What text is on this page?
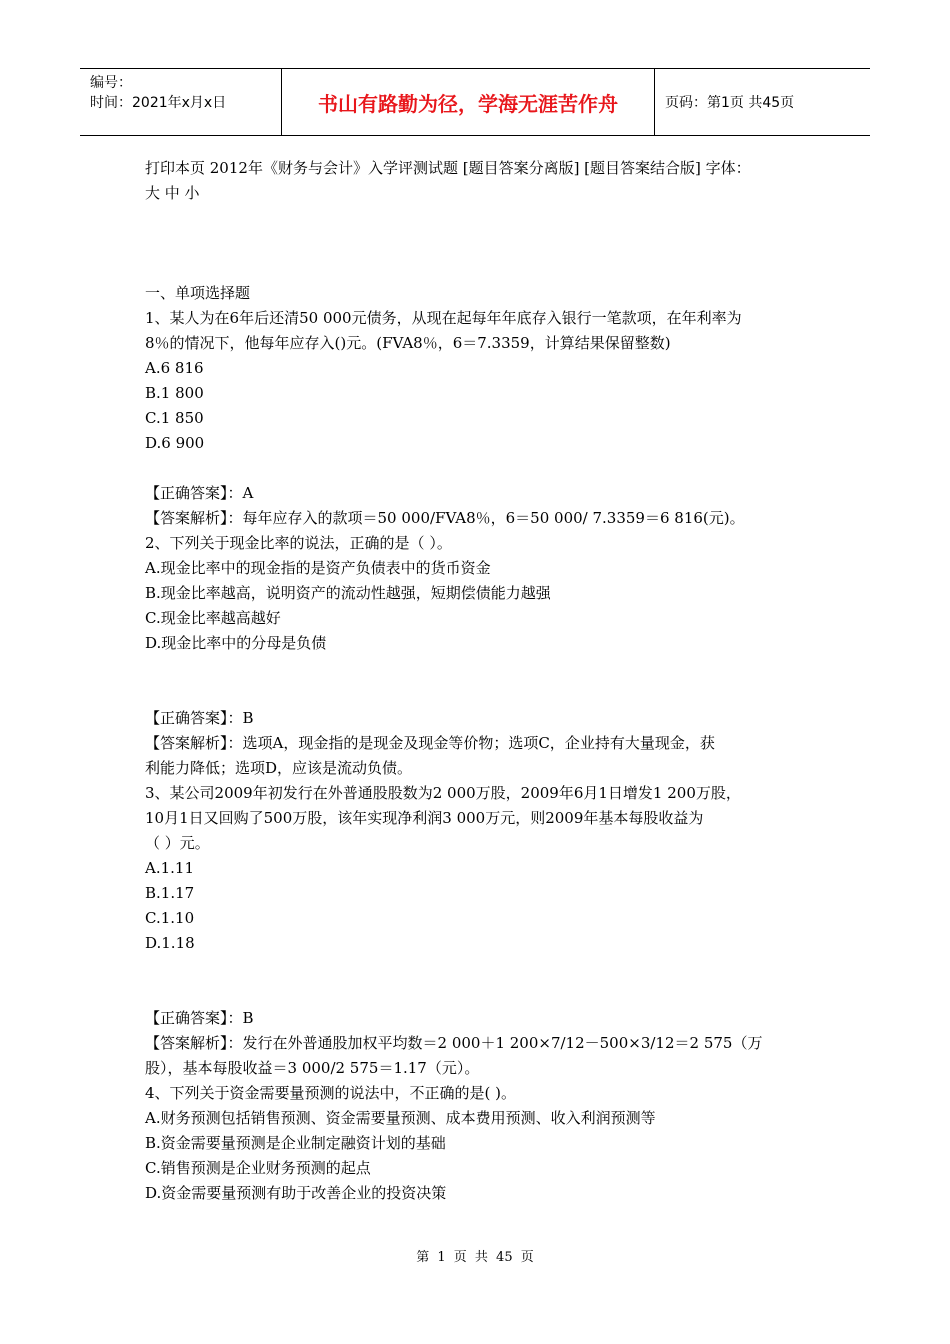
编号：
时间：2021年x月x日	书山有路勤为径，学海无涯苦作舟	页码：第1页 共45页

打印本页 2012年《财务与会计》入学评测试题 [题目答案分离版] [题目答案结合版] 字体：

大 中 小

一、单项选择题

1、某人为在6年后还清50 000元债务，从现在起每年年底存入银行一笔款项，在年利率为

8％的情况下，他每年应存入()元。(FVA8％，6＝7.3359，计算结果保留整数)

A.6 816

B.1 800

C.1 850

D.6 900

【正确答案】：A

【答案解析】：每年应存入的款项＝50 000/FVA8％，6＝50 000/ 7.3359＝6 816(元)。

2、下列关于现金比率的说法，正确的是（ ）。

A.现金比率中的现金指的是资产负债表中的货币资金

B.现金比率越高，说明资产的流动性越强，短期偿债能力越强

C.现金比率越高越好

D.现金比率中的分母是负债

【正确答案】：B

【答案解析】：选项A，现金指的是现金及现金等价物；选项C，企业持有大量现金，获

利能力降低；选项D，应该是流动负债。

3、某公司2009年初发行在外普通股股数为2 000万股，2009年6月1日增发1 200万股，

10月1日又回购了500万股，该年实现净利润3 000万元，则2009年基本每股收益为

（ ）元。

A.1.11

B.1.17

C.1.10

D.1.18

【正确答案】：B

【答案解析】：发行在外普通股加权平均数＝2 000＋1 200×7/12－500×3/12＝2 575（万

股），基本每股收益＝3 000/2 575＝1.17（元）。

4、下列关于资金需要量预测的说法中，不正确的是( )。

A.财务预测包括销售预测、资金需要量预测、成本费用预测、收入利润预测等

B.资金需要量预测是企业制定融资计划的基础

C.销售预测是企业财务预测的起点

D.资金需要量预测有助于改善企业的投资决策

第 1 页 共 45 页
